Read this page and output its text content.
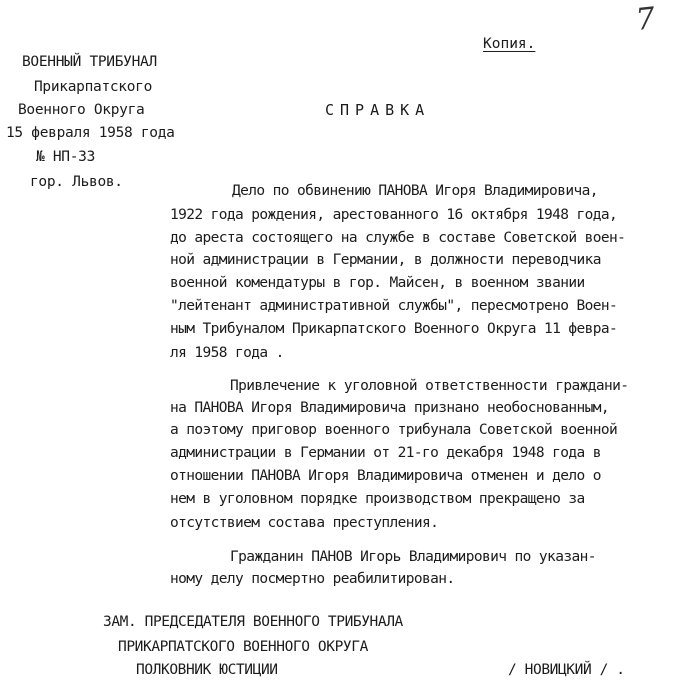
7
Копия.
ВОЕННЫЙ ТРИБУНАЛ
Прикарпатского
Военного Округа
15 февраля 1958 года
№ НП-33
гор. Львов.
СПРАВКА
Дело по обвинению ПАНОВА Игоря Владимировича,
1922 года рождения, арестованного 16 октября 1948 года,
до ареста состоящего на службе в составе Советской воен-
ной администрации в Германии, в должности переводчика
военной комендатуры в гор. Майсен, в военном звании
"лейтенант административной службы", пересмотрено Воен-
ным Трибуналом Прикарпатского Военного Округа 11 февра-
ля 1958 года .
Привлечение к уголовной ответственности граждани-
на ПАНОВА Игоря Владимировича признано необоснованным,
а поэтому приговор военного трибунала Советской военной
администрации в Германии от 21-го декабря 1948 года в
отношении ПАНОВА Игоря Владимировича отменен и дело о
нем в уголовном порядке производством прекращено за
отсутствием состава преступления.
Гражданин ПАНОВ Игорь Владимирович по указан-
ному делу посмертно реабилитирован.
ЗАМ. ПРЕДСЕДАТЕЛЯ ВОЕННОГО ТРИБУНАЛА
ПРИКАРПАТСКОГО ВОЕННОГО ОКРУГА
ПОЛКОВНИК ЮСТИЦИИ	/ НОВИЦКИЙ / .
